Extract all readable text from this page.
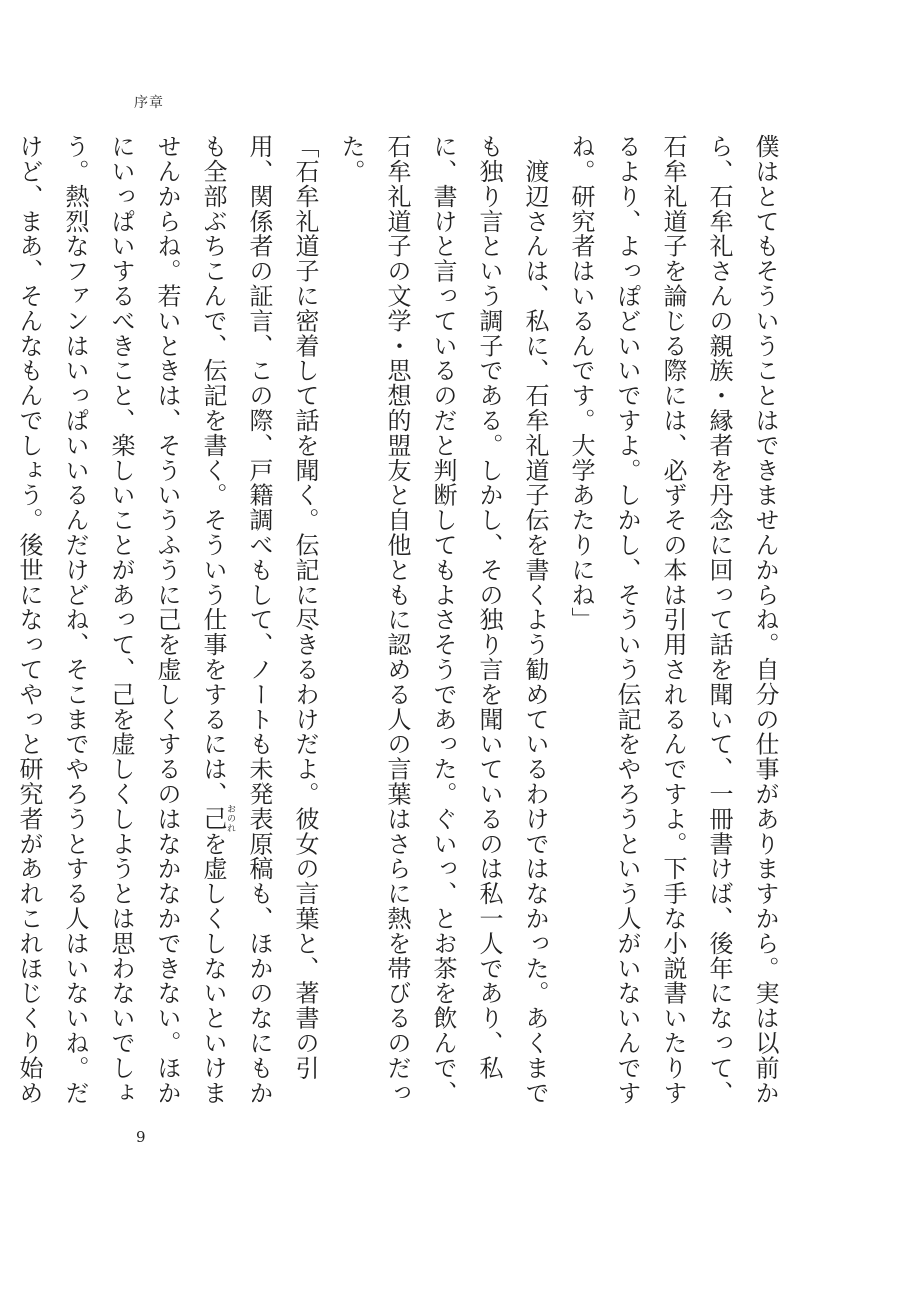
序章

僕はとてもそういうことはできませんからね。自分の仕事がありますから。実は以前から、石牟礼さんの親族・縁者を丹念に回って話を聞いて、一冊書けば、後年になって、石牟礼道子を論じる際には、必ずその本は引用されるんですよ。下手な小説書いたりするより、よっぽどいいですよ。しかし、そういう伝記をやろうという人がいないんですね。研究者はいるんです。大学あたりにね」

　渡辺さんは、私に、石牟礼道子伝を書くよう勧めているわけではなかった。あくまでも独り言という調子である。しかし、その独り言を聞いているのは私一人であり、私に、書けと言っているのだと判断してもよさそうであった。ぐいっ、とお茶を飲んで、石牟礼道子の文学・思想的盟友と自他ともに認める人の言葉はさらに熱を帯びるのだった。

「石牟礼道子に密着して話を聞く。伝記に尽きるわけだよ。彼女の言葉と、著書の引用、関係者の証言、この際、戸籍調べもして、ノートも未発表原稿も、ほかのなにもかも全部ぶちこんで、伝記を書く。そういう仕事をするには、己おのれを虚しくしないといけませんからね。若いときは、そういうふうに己を虚しくするのはなかなかできない。ほかにいっぱいするべきこと、楽しいことがあって、己を虚しくしようとは思わないでしょう。熱烈なファンはいっぱいいるんだけどね、そこまでやろうとする人はいないね。だけど、まあ、そんなもんでしょう。後世になってやっと研究者があれこれほじくり始め

9
